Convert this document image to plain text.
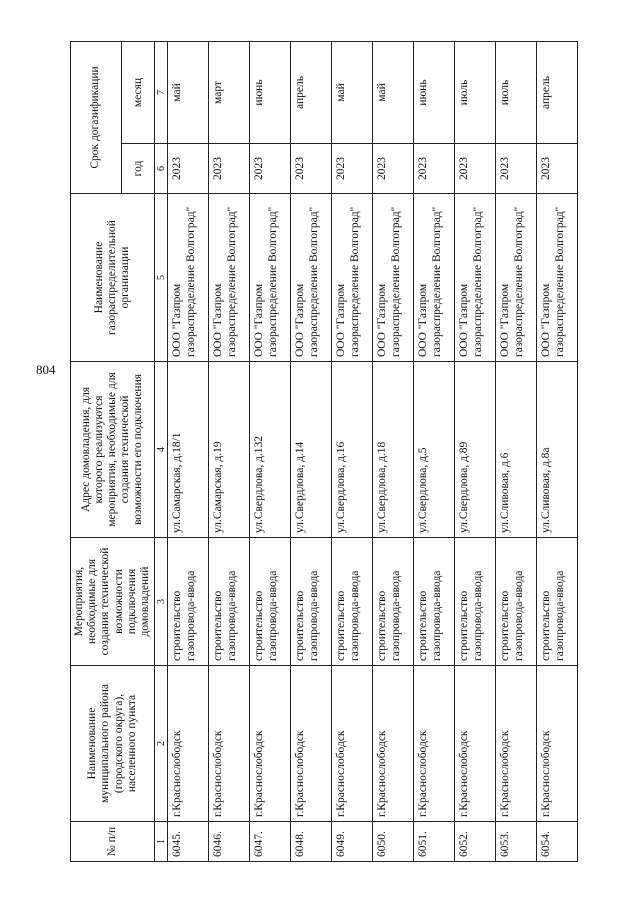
804
№ п/п	Наименование муниципального района (городского округа), населенного пункта	Мероприятия, необходимые для создания технической возможности подключения домовладений	Адрес домовладения, для которого реализуются мероприятия, необходимые для создания технической возможности его подключения	Наименование газораспределительной организации	Срок догазификации	
					год	месяц
1	2	3	4	5	6	7
6045.	г.Краснослободск	строительство газопровода-ввода	ул.Самарская, д.18/1	ООО "Газпром газораспределение Волгоград"	2023	май
6046.	г.Краснослободск	строительство газопровода-ввода	ул.Самарская, д.19	ООО "Газпром газораспределение Волгоград"	2023	март
6047.	г.Краснослободск	строительство газопровода-ввода	ул.Свердлова, д.132	ООО "Газпром газораспределение Волгоград"	2023	июнь
6048.	г.Краснослободск	строительство газопровода-ввода	ул.Свердлова, д.14	ООО "Газпром газораспределение Волгоград"	2023	апрель
6049.	г.Краснослободск	строительство газопровода-ввода	ул.Свердлова, д.16	ООО "Газпром газораспределение Волгоград"	2023	май
6050.	г.Краснослободск	строительство газопровода-ввода	ул.Свердлова, д.18	ООО "Газпром газораспределение Волгоград"	2023	май
6051.	г.Краснослободск	строительство газопровода-ввода	ул.Свердлова, д.5	ООО "Газпром газораспределение Волгоград"	2023	июнь
6052.	г.Краснослободск	строительство газопровода-ввода	ул.Свердлова, д.89	ООО "Газпром газораспределение Волгоград"	2023	июль
6053.	г.Краснослободск	строительство газопровода-ввода	ул.Сливовая, д.6	ООО "Газпром газораспределение Волгоград"	2023	июль
6054.	г.Краснослободск	строительство газопровода-ввода	ул.Сливовая, д.8а	ООО "Газпром газораспределение Волгоград"	2023	апрель
